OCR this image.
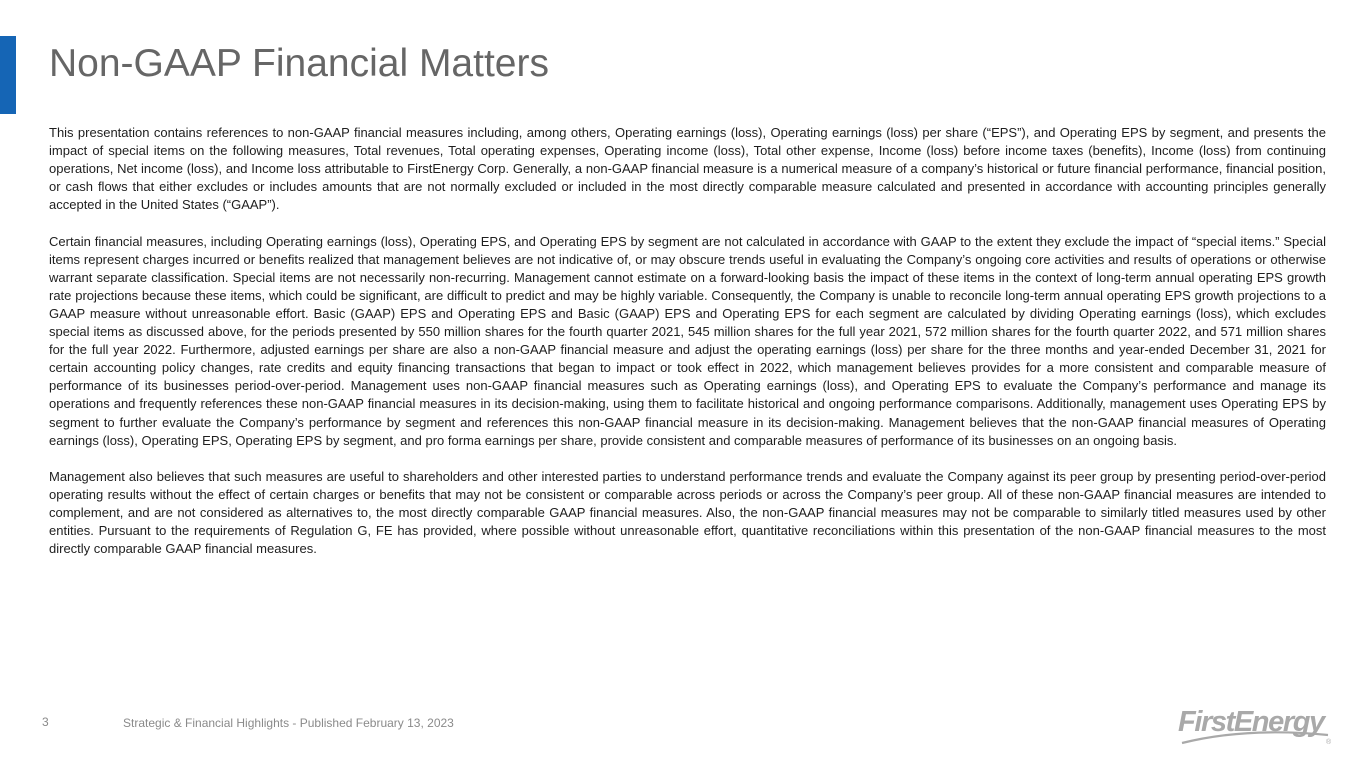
Non-GAAP Financial Matters

This presentation contains references to non-GAAP financial measures including, among others, Operating earnings (loss), Operating earnings (loss) per share (“EPS”), and Operating EPS by segment, and presents the impact of special items on the following measures, Total revenues, Total operating expenses, Operating income (loss), Total other expense, Income (loss) before income taxes (benefits), Income (loss) from continuing operations, Net income (loss), and Income loss attributable to FirstEnergy Corp. Generally, a non-GAAP financial measure is a numerical measure of a company’s historical or future financial performance, financial position, or cash flows that either excludes or includes amounts that are not normally excluded or included in the most directly comparable measure calculated and presented in accordance with accounting principles generally accepted in the United States (“GAAP”).

Certain financial measures, including Operating earnings (loss), Operating EPS, and Operating EPS by segment are not calculated in accordance with GAAP to the extent they exclude the impact of “special items.” Special items represent charges incurred or benefits realized that management believes are not indicative of, or may obscure trends useful in evaluating the Company’s ongoing core activities and results of operations or otherwise warrant separate classification. Special items are not necessarily non-recurring. Management cannot estimate on a forward-looking basis the impact of these items in the context of long-term annual operating EPS growth rate projections because these items, which could be significant, are difficult to predict and may be highly variable. Consequently, the Company is unable to reconcile long-term annual operating EPS growth projections to a GAAP measure without unreasonable effort. Basic (GAAP) EPS and Operating EPS and Basic (GAAP) EPS and Operating EPS for each segment are calculated by dividing Operating earnings (loss), which excludes special items as discussed above, for the periods presented by 550 million shares for the fourth quarter 2021, 545 million shares for the full year 2021, 572 million shares for the fourth quarter 2022, and 571 million shares for the full year 2022. Furthermore, adjusted earnings per share are also a non-GAAP financial measure and adjust the operating earnings (loss) per share for the three months and year-ended December 31, 2021 for certain accounting policy changes, rate credits and equity financing transactions that began to impact or took effect in 2022, which management believes provides for a more consistent and comparable measure of performance of its businesses period-over-period. Management uses non-GAAP financial measures such as Operating earnings (loss), and Operating EPS to evaluate the Company’s performance and manage its operations and frequently references these non-GAAP financial measures in its decision-making, using them to facilitate historical and ongoing performance comparisons. Additionally, management uses Operating EPS by segment to further evaluate the Company’s performance by segment and references this non-GAAP financial measure in its decision-making. Management believes that the non-GAAP financial measures of Operating earnings (loss), Operating EPS, Operating EPS by segment, and pro forma earnings per share, provide consistent and comparable measures of performance of its businesses on an ongoing basis.

Management also believes that such measures are useful to shareholders and other interested parties to understand performance trends and evaluate the Company against its peer group by presenting period-over-period operating results without the effect of certain charges or benefits that may not be consistent or comparable across periods or across the Company’s peer group. All of these non-GAAP financial measures are intended to complement, and are not considered as alternatives to, the most directly comparable GAAP financial measures. Also, the non-GAAP financial measures may not be comparable to similarly titled measures used by other entities. Pursuant to the requirements of Regulation G, FE has provided, where possible without unreasonable effort, quantitative reconciliations within this presentation of the non-GAAP financial measures to the most directly comparable GAAP financial measures.

3	Strategic & Financial Highlights - Published February 13, 2023	FirstEnergy
®
